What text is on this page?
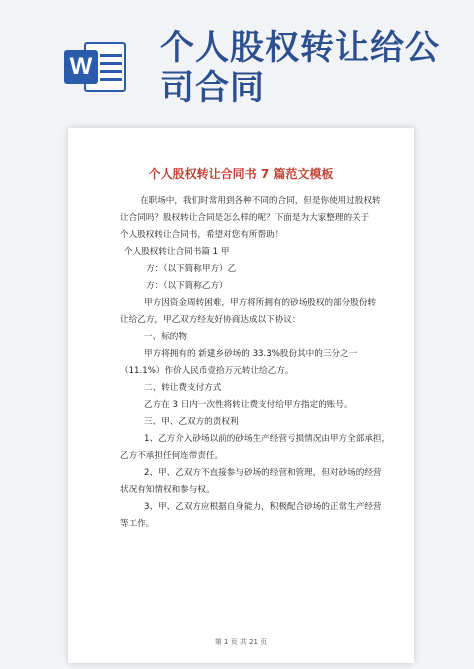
W 个人股权转让给公司合同
个人股权转让合同书 7 篇范文模板
在职场中，我们时常用到各种不同的合同，但是你使用过股权转
让合同吗？股权转让合同是怎么样的呢？下面是为大家整理的关于
个人股权转让合同书，希望对您有所帮助！
个人股权转让合同书篇 1 甲
方：（以下简称甲方）乙
方：（以下简称乙方）
甲方因资金周转困难，甲方将所拥有的砂场股权的部分股份转
让给乙方，甲乙双方经友好协商达成以下协议：
一、标的物
甲方将拥有的 新建乡砂场的 33.3%股份其中的三分之一
（11.1%）作价人民币壹拾万元转让给乙方。
二、转让费支付方式
乙方在 3 日内一次性将转让费支付给甲方指定的账号。
三、甲、乙双方的责权利
1、乙方介入砂场以前的砂场生产经营亏损情况由甲方全部承担，
乙方不承担任何连带责任。
2、甲、乙双方不直接参与砂场的经营和管理，但对砂场的经营
状况有知情权和参与权。
3、甲、乙双方应根据自身能力，积极配合砂场的正常生产经营
等工作。
第 1 页 共 21 页
